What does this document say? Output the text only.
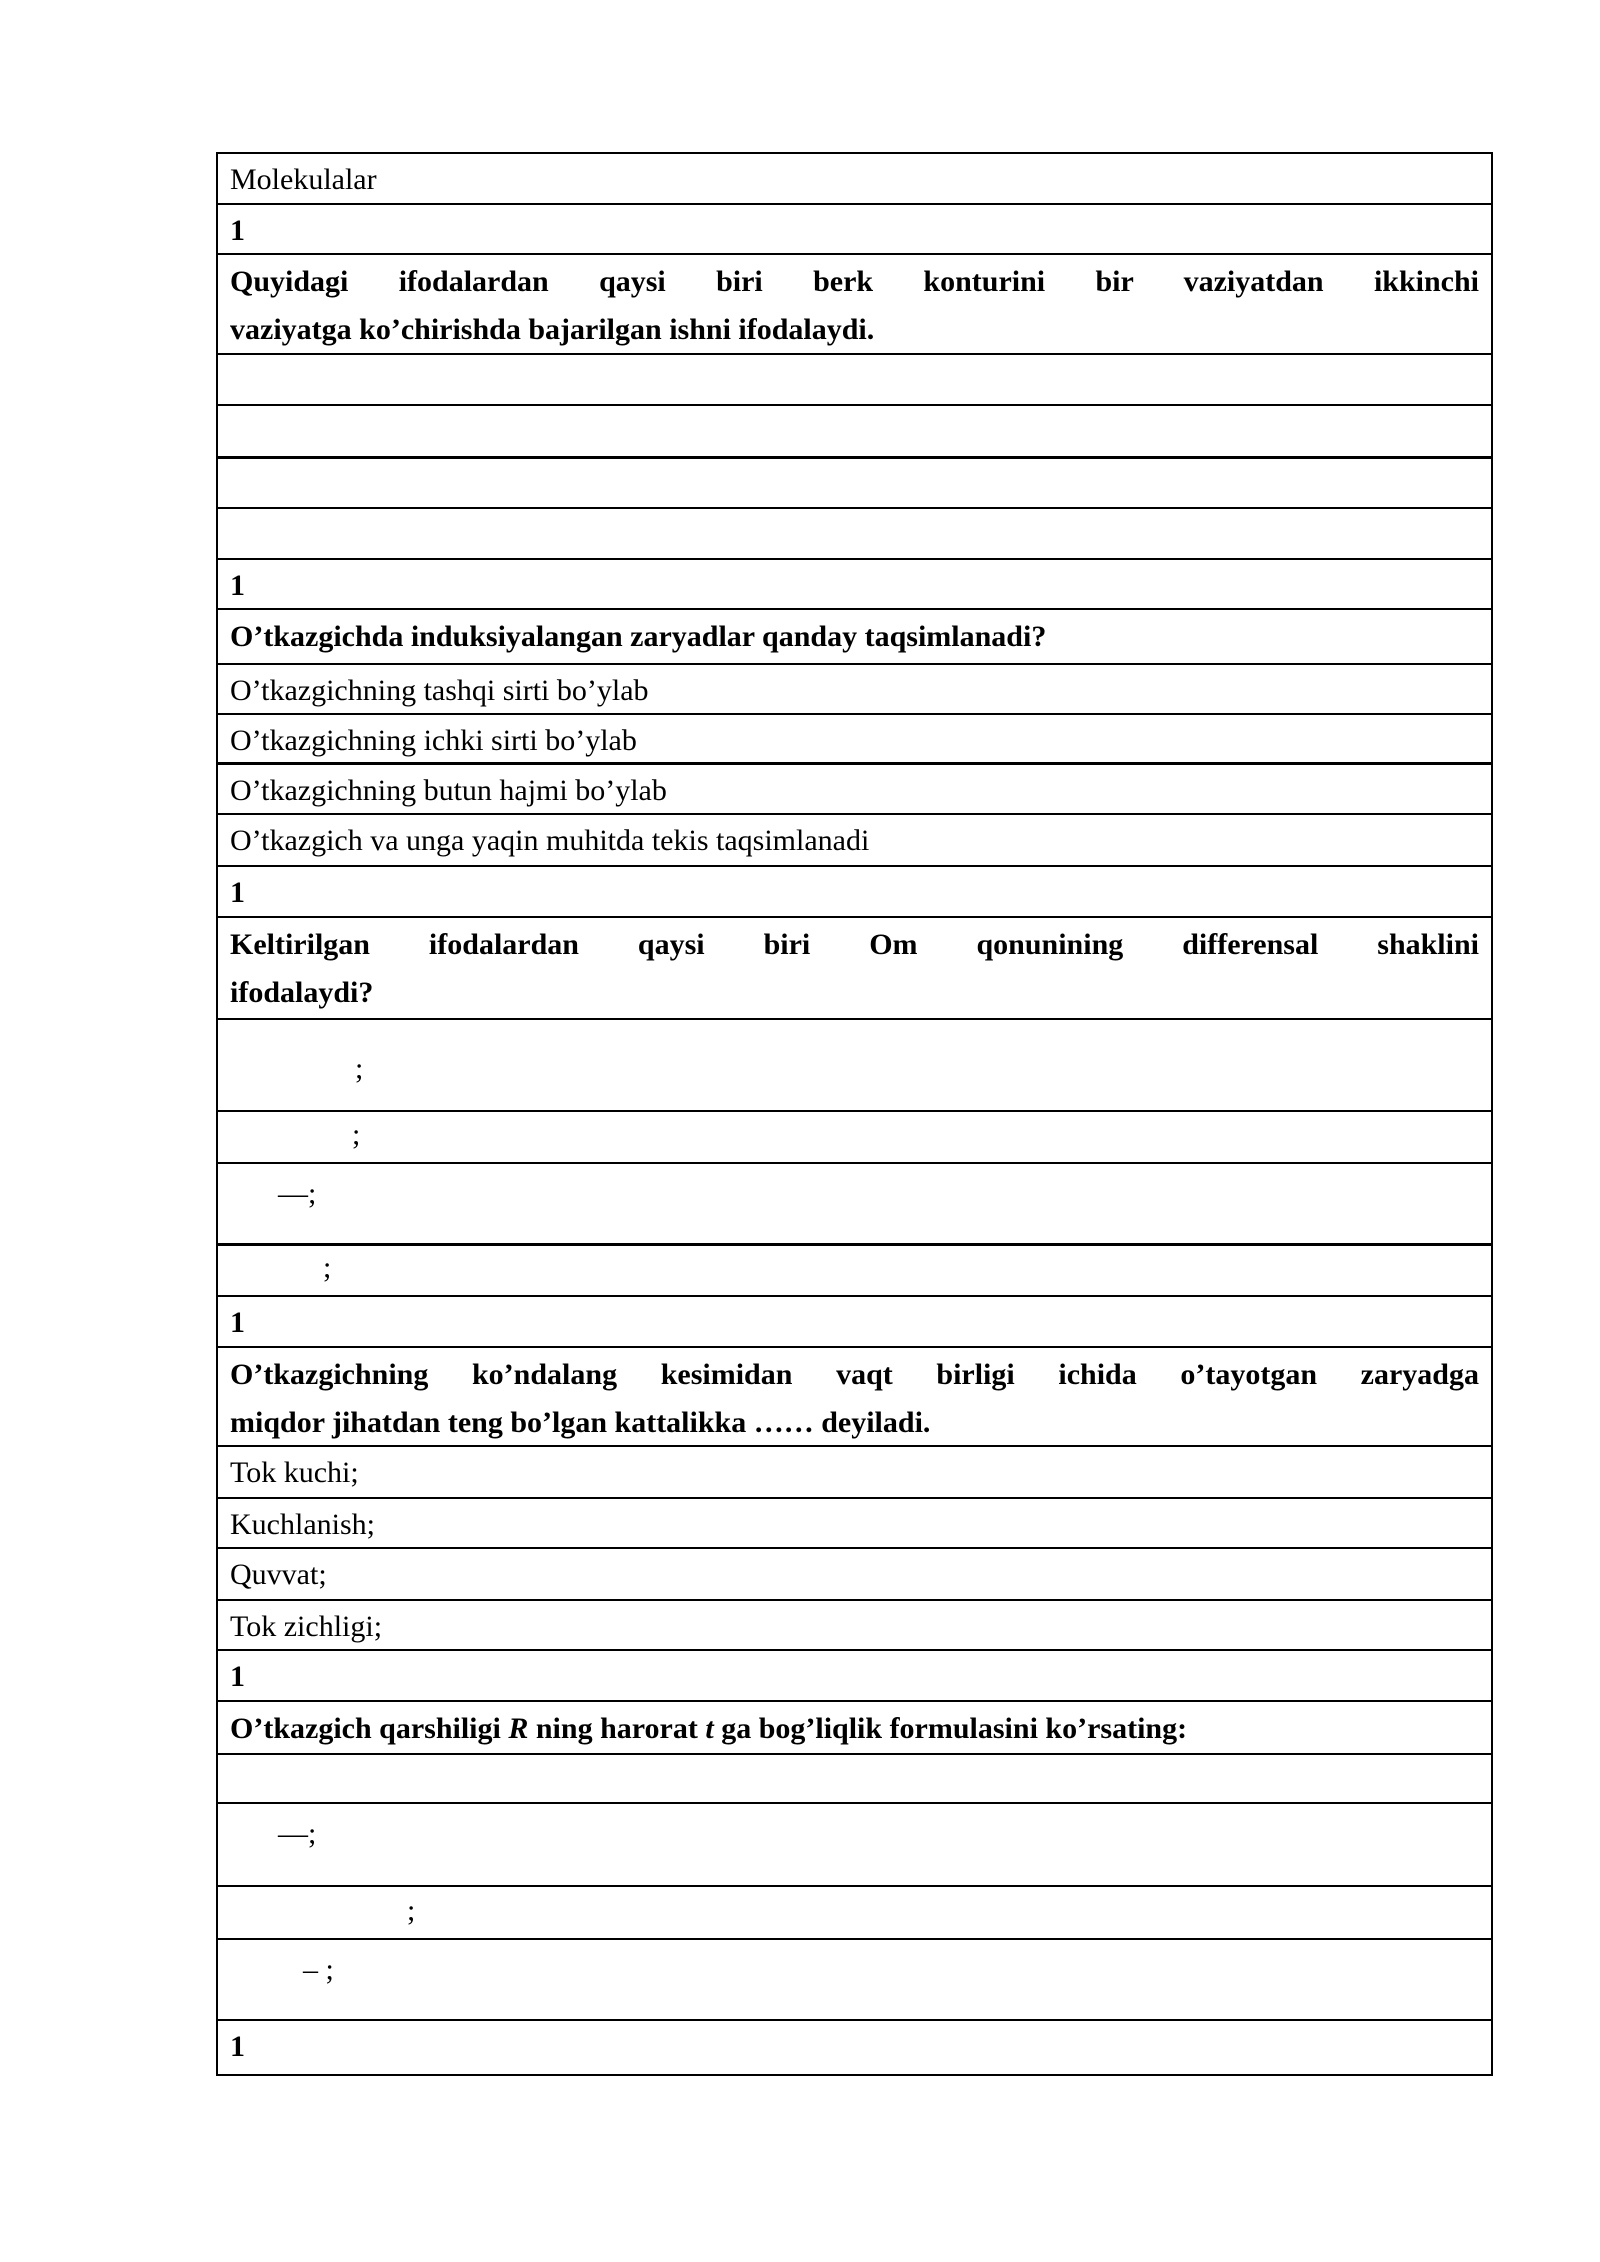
Molekulalar
1
Quyidagi ifodalardan qaysi biri berk konturini bir vaziyatdan ikkinchi
vaziyatga ko’chirishda bajarilgan ishni ifodalaydi.
1
O’tkazgichda induksiyalangan zaryadlar qanday taqsimlanadi?
O’tkazgichning tashqi sirti bo’ylab
O’tkazgichning ichki sirti bo’ylab
O’tkazgichning butun hajmi bo’ylab
O’tkazgich va unga yaqin muhitda tekis taqsimlanadi
1
Keltirilgan ifodalardan qaysi biri Om qonunining differensal shaklini
ifodalaydi?
;
;
—;
;
1
O’tkazgichning ko’ndalang kesimidan vaqt birligi ichida o’tayotgan zaryadga
miqdor jihatdan teng bo’lgan kattalikka …… deyiladi.
Tok kuchi;
Kuchlanish;
Quvvat;
Tok zichligi;
1
O’tkazgich qarshiligi R ning harorat t ga bog’liqlik formulasini ko’rsating:
—;
;
– ;
1
